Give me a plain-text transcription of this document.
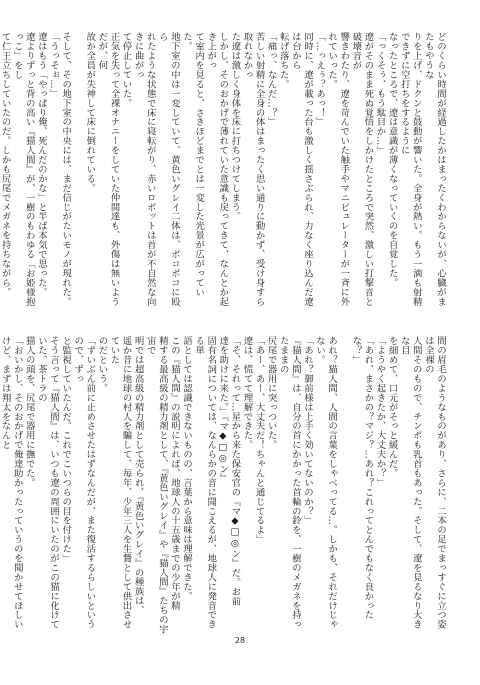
どのくらい時間が経過したかはまったくわからないが、心臓がまたもやうな
りを上げ、ドクンと鼓動が響いた。全身が熱い。もう一滴も射精できずに空打ちをするように
なったところで、遼は意識が薄くなっていくのを自覚した。
「っくそぅ、もう駄目か…」
遼がそのまま死ぬ覚悟をしかけたところで突然、激しい打撃音と破壊音が
響きわたり、遼を苛んでいた触手やマニピュレーターが一斉に外れていった。
「…っえぅ？あっ！」
同時に、遼が載った台も激しく揺さぶられ、力なく座り込んだ遼は台から
転げ落ちた。
「痛っ、なんだ…？」
苦しい射精に全身の体はまったく思い通りに動かず、受け身すら取れなかっ
た遼は激しく身体を床に打ちつけてしまう。
しかし、そのおかげで薄れていた意識も戻ってきて、なんとか起き上がっ
て室内を見ると、さきほどまでとは一変した光景が広がっていた。
地下室の中は一変していて、黄色いグレイ二体は、ボコボコに殴ら
れたような状態で床に寝転がり、赤いロボットは首が不自然な向きに曲がっ
て停止していた。
正気を失って全裸オナニーをしていた仲間達も、外傷は無いようだが、何
故か全員が失神して床に倒れている。

そして、その地下室の中央には、まだ信じがたいモノが現れた。
「うっそぉ…」
遼はもう「やっぱり俺、死んだのかな」と半ば本気で思った。
遼よりずっと背の高い『猫人間』が、一樹のもわゆる「お姫様抱っこ」をし
て仁王立ちしていたのだ。しかも尻尾でメガネを持ちながら。

間の眉毛のようなものがあり、さらに、二本の足でまっすぐに立つ姿は全裸の
人間そのもので、チンポも乳首もあった。そして、遼を見るなり大きな目
を細めて、口元がそっと緩んだ。
「ようやく起きたか、大丈夫か？」
「あれ、まさかの？マジ？…あれ？これってとんでもなく良かったな？」

あれ？猫人間、人間の言葉をしゃべってる…。しかも、それだけじゃない。
「あれ？御前様は上手く効いてないのか？」
『猫人間』は、自分の首にかかった首輪の鈴を、一樹のメガネを持ったままの
尻尾で器用に突っついた。
「あー、あー、大丈夫だ！ちゃんと通じてるよ」
遼は、慌てて理解できた。
「そ、それって…星から来た保安官の『マ◆□◎ン』だ。お前
達を助けに来た。」『マ◆□◎ン』
固有名詞については、なんらかの音に聞こえるが、地球人に発音できる単
語としては認識できないものの、言葉から意味は理解できた。
この『猫人間』の説明によれば、地球人の十五歳までの少年が精
精する最高級の精力剤として、『黄色いグレイ』や『猫人間』たちの宇宙で
明では超高級の精力剤として売られ、『黄色いグレイ』の種族は、
遥か昔に地球の村人を騙して、毎年、少年三人を生贄として供出させていた
のだという。
「ずいぶん前に止めさせたはずなんだが、また復活するらしいというので、ずっ
と監視していたんだ。これでこいつらの目を付けた」
そう言って『猫人間』は、いつも遼の周囲にいたのがこの猫に化けていた、茶トラの
猫人の頭を、尻尾で器用に撫でた。
「おいかし、そのおかげで俺達助かったっていうのを聞かせてほしいけど、まずは翔太をなんと
28
